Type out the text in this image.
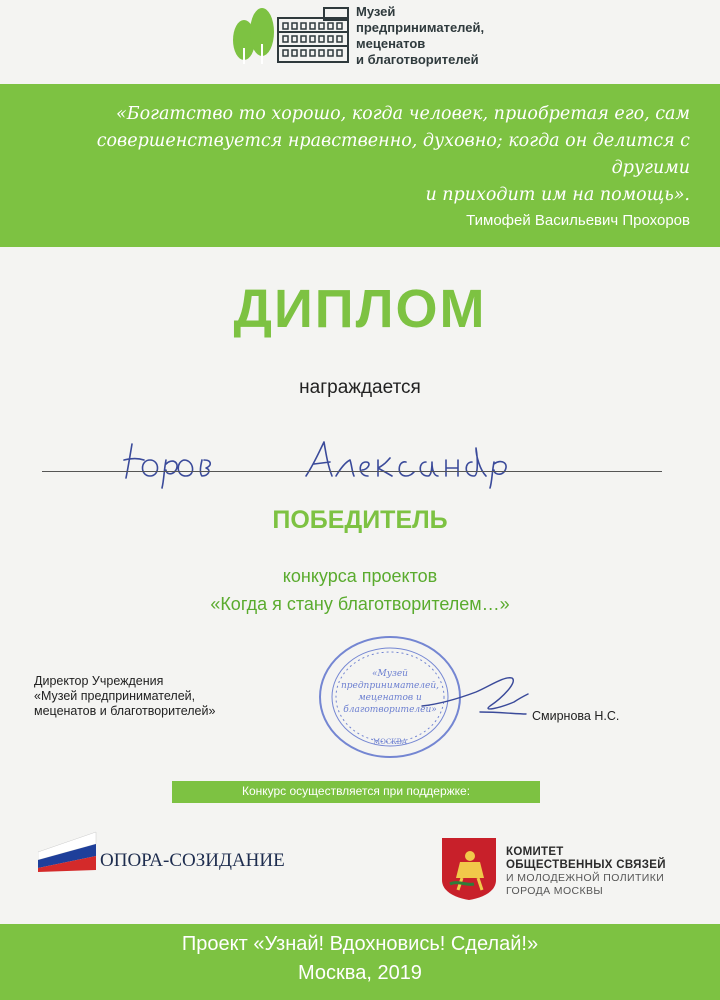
Музей
предпринимателей,
меценатов
и благотворителей
«Богатство то хорошо, когда человек, приобретая его, сам
совершенствуется нравственно, духовно; когда он делится с другими
и приходит им на помощь».
Тимофей Васильевич Прохоров
ДИПЛОМ
награждается
ПОБЕДИТЕЛЬ
конкурса проектов
«Когда я стану благотворителем…»
Директор Учреждения
«Музей предпринимателей,
меценатов и благотворителей»
«Музей
предпринимателей,
меценатов и
благотворителей»
МОСКВА
Смирнова Н.С.
Конкурс осуществляется при поддержке:
ОПОРА-СОЗИДАНИЕ	КОМИТЕТ
ОБЩЕСТВЕННЫХ СВЯЗЕЙ
И МОЛОДЕЖНОЙ ПОЛИТИКИ
ГОРОДА МОСКВЫ
Проект «Узнай! Вдохновись! Сделай!»
Москва, 2019
